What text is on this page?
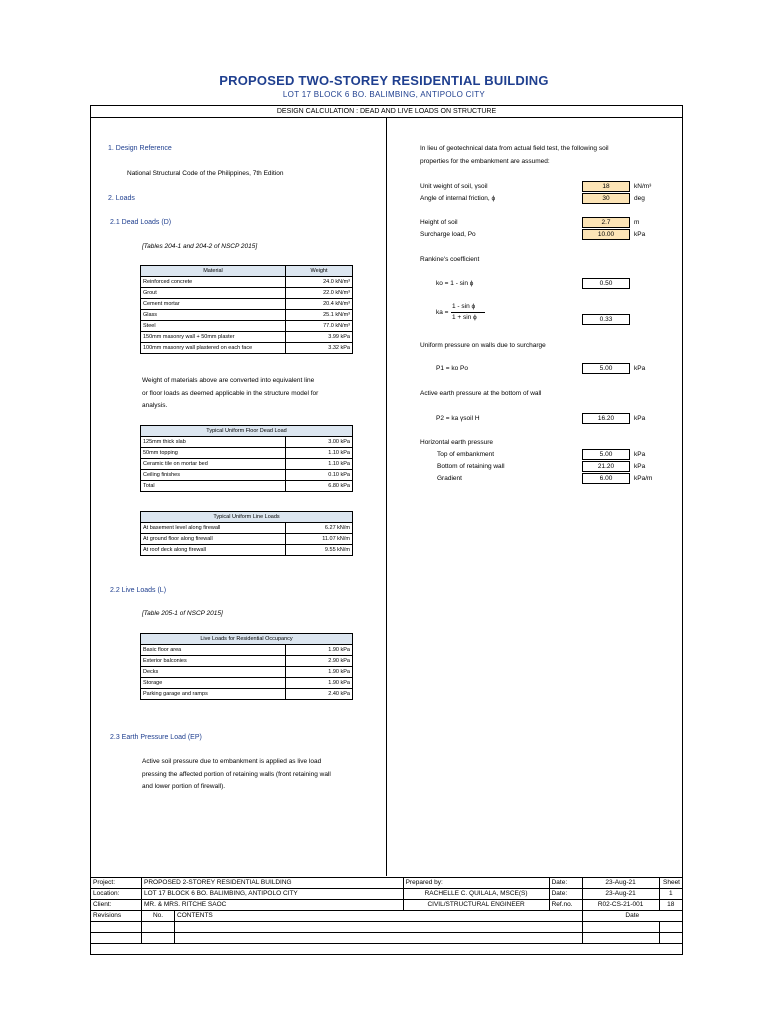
PROPOSED TWO-STOREY RESIDENTIAL BUILDING
LOT 17 BLOCK 6 BO. BALIMBING, ANTIPOLO CITY
DESIGN CALCULATION : DEAD AND LIVE LOADS ON STRUCTURE
1. Design Reference
National Structural Code of the Philippines, 7th Edition
2. Loads
2.1 Dead Loads (D)
[Tables 204-1 and 204-2 of NSCP 2015]
Material	Weight
Reinforced concrete	24.0 kN/m³
Grout	22.0 kN/m³
Cement mortar	20.4 kN/m³
Glass	25.1 kN/m³
Steel	77.0 kN/m³
150mm masonry wall + 50mm plaster	3.99 kPa
100mm masonry wall plastered on each face	3.32 kPa
Weight of materials above are converted into equivalent line
or floor loads as deemed applicable in the structure model for
analysis.
Typical Uniform Floor Dead Load	
125mm thick slab	3.00 kPa
50mm topping	1.10 kPa
Ceramic tile on mortar bed	1.10 kPa
Ceiling finishes	0.10 kPa
Total	6.80 kPa
Typical Uniform Line Loads	
At basement level along firewall	6.27 kN/m
At ground floor along firewall	11.07 kN/m
At roof deck along firewall	9.55 kN/m
2.2 Live Loads (L)
[Table 205-1 of NSCP 2015]
Live Loads for Residential Occupancy	
Basic floor area	1.90 kPa
Exterior balconies	2.90 kPa
Decks	1.90 kPa
Storage	1.90 kPa
Parking garage and ramps	2.40 kPa
2.3 Earth Pressure Load (EP)
Active soil pressure due to embankment is applied as live load
pressing the affected portion of retaining walls (front retaining wall
and lower portion of firewall).
In lieu of geotechnical data from actual field test, the following soil
properties for the embankment are assumed:
Unit weight of soil, γsoil	18	kN/m³
Angle of internal friction, ɸ	30	deg
Height of soil	2.7	m
Surcharge load, Po	10.00	kPa
Rankine's coefficient
ko = 1 - sin ɸ	0.50
ka =
1 - sin ɸ
1 + sin ɸ	0.33
Uniform pressure on walls due to surcharge
P1 = ko Po	5.00	kPa
Active earth pressure at the bottom of wall
P2 = ka γsoil H	16.20	kPa
Horizontal earth pressure
Top of embankment	5.00	kPa
Bottom of retaining wall	21.20	kPa
Gradient	6.00	kPa/m
Project:	PROPOSED 2-STOREY RESIDENTIAL BUILDING		Prepared by:	Date:	23-Aug-21	Sheet
Location:	LOT 17 BLOCK 6 BO. BALIMBING, ANTIPOLO CITY		RACHELLE C. QUILALA, MSCE(S)	Date:	23-Aug-21	1
Client:	MR. & MRS. RITCHE SAOC		CIVIL/STRUCTURAL ENGINEER	Ref.no.	R02-CS-21-001	18
Revisions	No.	CONTENTS			Date	
